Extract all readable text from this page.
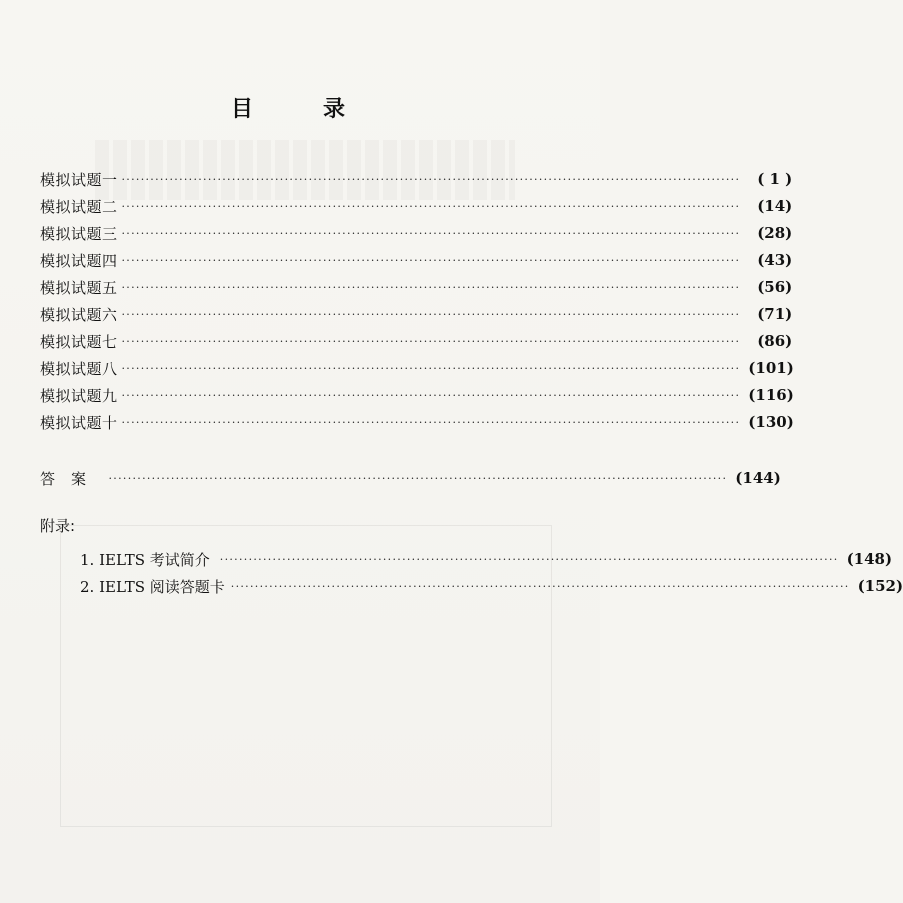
目　录
模拟试题一 ·································································································································	( 1 )
模拟试题二 ·································································································································	(14)
模拟试题三 ·································································································································	(28)
模拟试题四 ·································································································································	(43)
模拟试题五 ·································································································································	(56)
模拟试题六 ·································································································································	(71)
模拟试题七 ·································································································································	(86)
模拟试题八 ································································································································· (101)
模拟试题九 ································································································································· (116)
模拟试题十 ································································································································· (130)
答　案 ································································································································· (144)
附录:
1. IELTS 考试简介 ································································································································· (148)
2. IELTS 阅读答题卡 ································································································································· (152)
